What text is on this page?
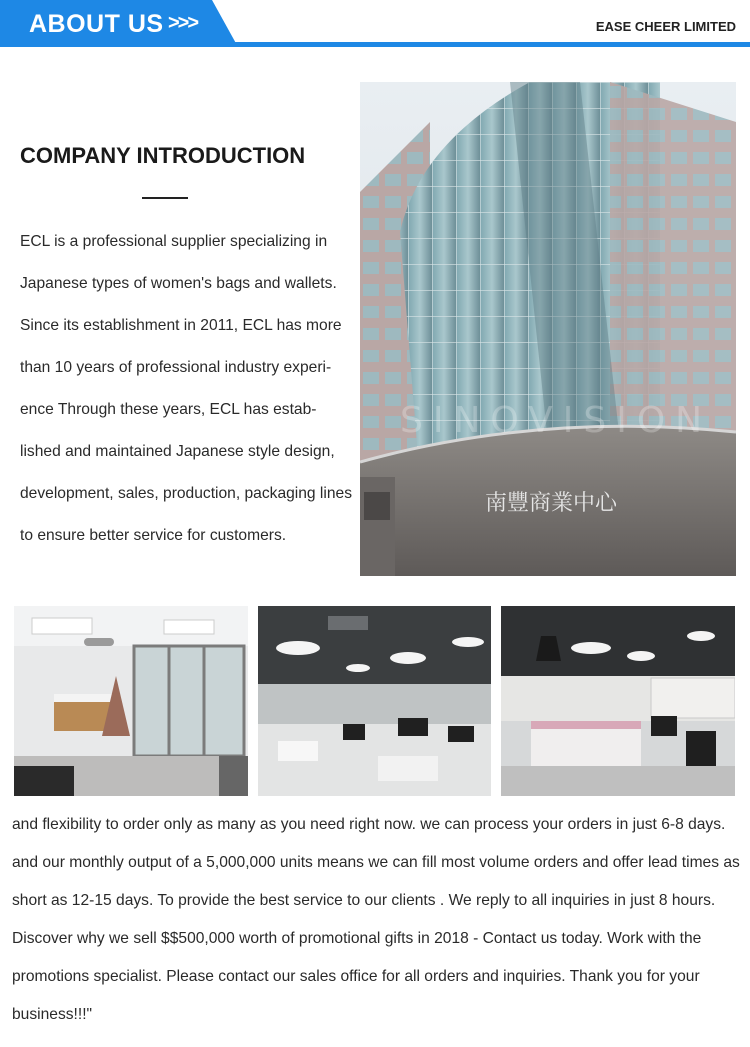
ABOUT US >>>	EASE CHEER LIMITED
COMPANY INTRODUCTION

ECL is a professional supplier specializing in Japanese types of women's bags and wallets. Since its establishment in 2011, ECL has more than 10 years of professional industry experi- ence Through these years, ECL has estab- lished and maintained Japanese style design, development, sales, production, packaging lines to ensure better service for customers.

南豐商業中心
SINOVISION

and flexibility to order only as many as you need right now. we can process your orders in just 6-8 days. and our monthly output of a 5,000,000 units means we can fill most volume orders and offer lead times as short as 12-15 days. To provide the best service to our clients . We reply to all inquiries in just 8 hours. Discover why we sell $$500,000 worth of promotional gifts in 2018 - Contact us today. Work with the promotions specialist. Please contact our sales office for all orders and inquiries. Thank you for your business!!!"
